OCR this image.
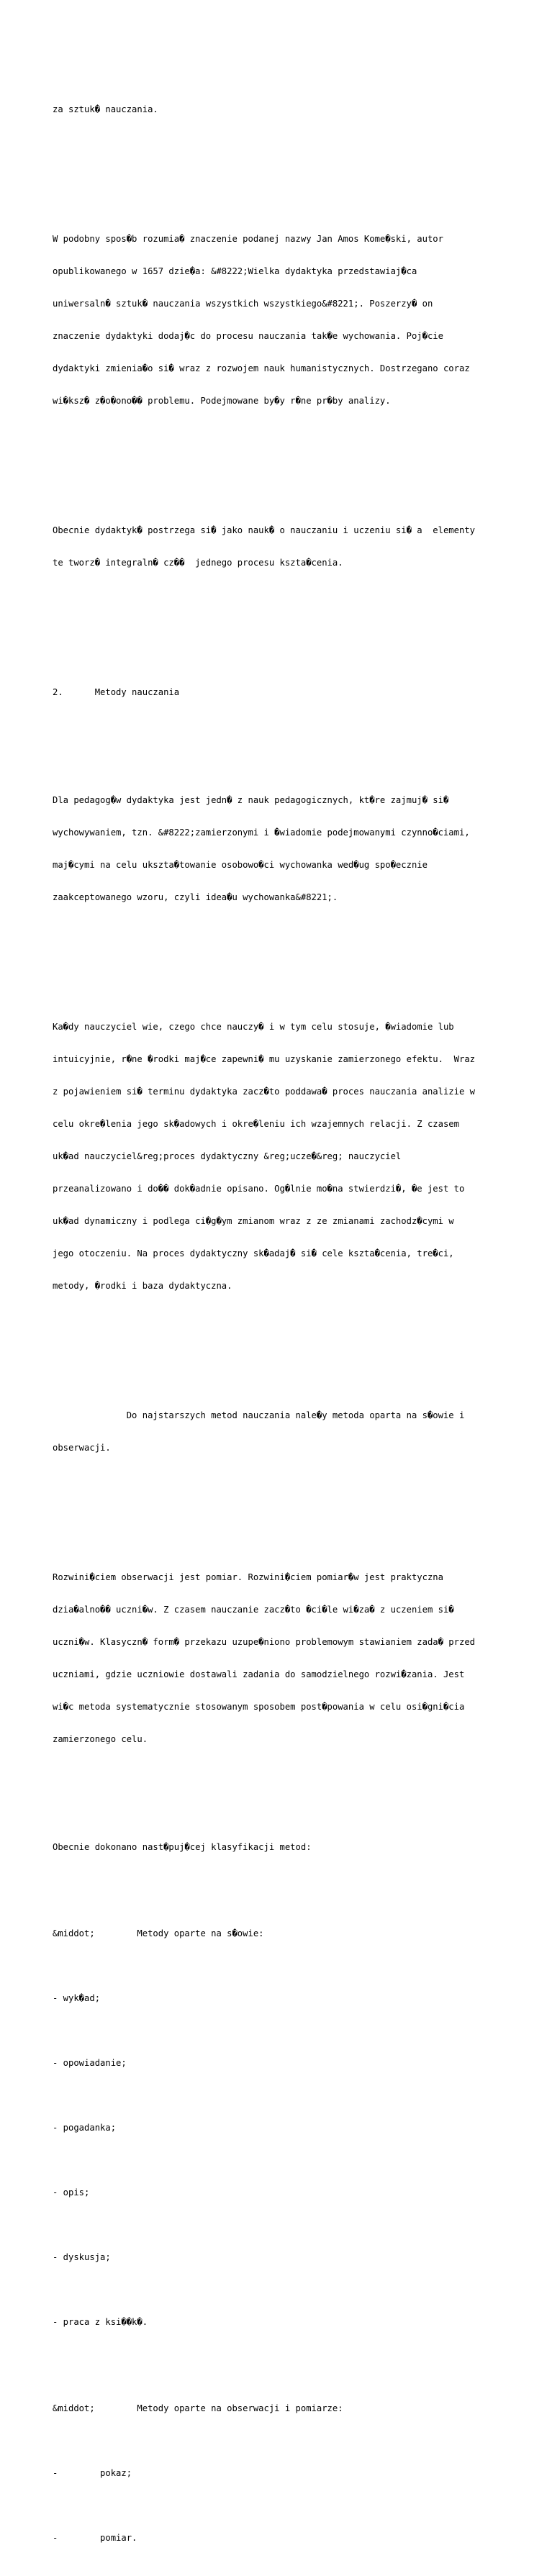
za sztuk� nauczania.

W podobny spos�b rozumia� znaczenie podanej nazwy Jan Amos Kome�ski, autor

opublikowanego w 1657 dzie�a: &#8222;Wielka dydaktyka przedstawiaj�ca

uniwersaln� sztuk� nauczania wszystkich wszystkiego&#8221;. Poszerzy� on

znaczenie dydaktyki dodaj�c do procesu nauczania tak�e wychowania. Poj�cie

dydaktyki zmienia�o si� wraz z rozwojem nauk humanistycznych. Dostrzegano coraz

wi�ksz� z�o�ono�� problemu. Podejmowane by�y r�ne pr�by analizy.

Obecnie dydaktyk� postrzega si� jako nauk� o nauczaniu i uczeniu si� a  elementy

te tworz� integraln� cz��  jednego procesu kszta�cenia.

2.      Metody nauczania

Dla pedagog�w dydaktyka jest jedn� z nauk pedagogicznych, kt�re zajmuj� si�

wychowywaniem, tzn. &#8222;zamierzonymi i �wiadomie podejmowanymi czynno�ciami,

maj�cymi na celu ukszta�towanie osobowo�ci wychowanka wed�ug spo�ecznie

zaakceptowanego wzoru, czyli idea�u wychowanka&#8221;.

Ka�dy nauczyciel wie, czego chce nauczy� i w tym celu stosuje, �wiadomie lub

intuicyjnie, r�ne �rodki maj�ce zapewni� mu uzyskanie zamierzonego efektu.  Wraz

z pojawieniem si� terminu dydaktyka zacz�to poddawa� proces nauczania analizie w

celu okre�lenia jego sk�adowych i okre�leniu ich wzajemnych relacji. Z czasem

uk�ad nauczyciel&reg;proces dydaktyczny &reg;ucze�&reg; nauczyciel

przeanalizowano i do�� dok�adnie opisano. Og�lnie mo�na stwierdzi�, �e jest to

uk�ad dynamiczny i podlega ci�g�ym zmianom wraz z ze zmianami zachodz�cymi w

jego otoczeniu. Na proces dydaktyczny sk�adaj� si� cele kszta�cenia, tre�ci,

metody, �rodki i baza dydaktyczna.

Do najstarszych metod nauczania nale�y metoda oparta na s�owie i

obserwacji.

Rozwini�ciem obserwacji jest pomiar. Rozwini�ciem pomiar�w jest praktyczna

dzia�alno�� uczni�w. Z czasem nauczanie zacz�to �ci�le wi�za� z uczeniem si�

uczni�w. Klasyczn� form� przekazu uzupe�niono problemowym stawianiem zada� przed

uczniami, gdzie uczniowie dostawali zadania do samodzielnego rozwi�zania. Jest

wi�c metoda systematycznie stosowanym sposobem post�powania w celu osi�gni�cia

zamierzonego celu.

Obecnie dokonano nast�puj�cej klasyfikacji metod:

&middot;        Metody oparte na s�owie:

- wyk�ad;

- opowiadanie;

- pogadanka;

- opis;

- dyskusja;

- praca z ksi��k�.

&middot;        Metody oparte na obserwacji i pomiarze:

-        pokaz;

-        pomiar.
